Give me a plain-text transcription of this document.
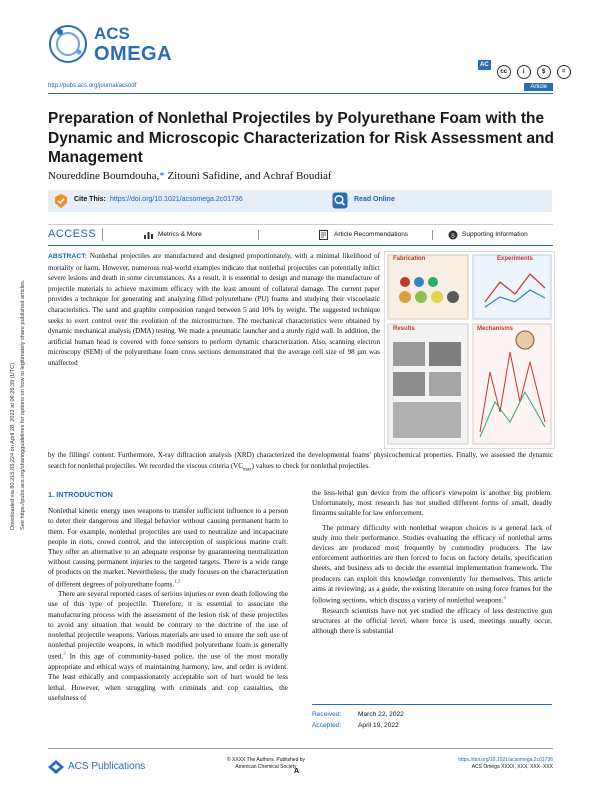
ACS
OMEGA	AC cc	i	$	=
http://pubs.acs.org/journal/acsodf	Article
Preparation of Nonlethal Projectiles by Polyurethane Foam with the Dynamic and Microscopic Characterization for Risk Assessment and Management
Noureddine Boumdouha,* Zitouni Safidine, and Achraf Boudiaf
Cite This: https://doi.org/10.1021/acsomega.2c01736	Read Online
ACCESS	Metrics & More	Article Recommendations	s Supporting Information
ABSTRACT: Nonlethal projectiles are manufactured and designed proportionately, with a minimal likelihood of mortality or harm. However, numerous real-world examples indicate that nonlethal projectiles can potentially inflict severe lesions and death in some circumstances. As a result, it is essential to design and manage the manufacture of projectile materials to achieve maximum efficacy with the least amount of collateral damage. The current paper provides a technique for generating and analyzing filled polyurethane (PU) foams and studying their viscoelastic characteristics. The sand and graphite composition ranged between 5 and 10% by weight. The suggested technique seeks to exert control over the evolution of the microstructure. The mechanical characteristics were obtained by dynamic mechanical analysis (DMA) testing. We made a pneumatic launcher and a sturdy rigid wall. In addition, the artificial human head is covered with force sensors to perform dynamic characterization. Also, scanning electron microscopy (SEM) of the polyurethane foam cross sections demonstrated that the average cell size of 98 μm was unaffected
by the fillings' content. Furthermore, X-ray diffraction analysis (XRD) characterized the developmental foams' physicochemical properties. Finally, we assessed the dynamic search for nonlethal projectiles. We recorded the viscous criteria $(VC_{max})$ values to check for nonlethal projectiles.
Fabrication	Experiments
Results	Mechanisms
Downloaded via 80.215.83.224 on April 28, 2022 at 06:26:39 (UTC). See https://pubs.acs.org/sharingguidelines for options on how to legitimately share published articles.	1. INTRODUCTION

Nonlethal kinetic energy uses weapons to transfer sufficient influence to a person to deter their dangerous and illegal behavior without causing permanent harm to them. For example, nonlethal projectiles are used to neutralize and incapacitate people in riots, crowd control, and the interception of suspicious marine craft. They offer an alternative to an adequate response by guaranteeing neutralization without causing permanent injuries to the targeted targets. There is a wide range of products on the market. Nevertheless, the study focuses on the characterization of different degrees of polyurethane foams.$^{1,2}$

There are several reported cases of serious injuries or even death following the use of this type of projectile. Therefore, it is essential to associate the manufacturing process with the assessment of the lesion risk of these projectiles to avoid any situation that would be contrary to the doctrine of the use of nonlethal projectile weapons. Various materials are used to ensure the soft use of nonlethal projectile weapons, in which modified polyurethane foam is generally used.$^3$ In this age of community-based police, the use of the most morally appropriate and ethical ways of maintaining harmony, law, and order is evident. The least ethically and compassionately acceptable sort of hurt would be less lethal. However, when struggling with criminals and cop casualties, the usefulness of

the less-lethal gun device from the officer's viewpoint is another big problem. Unfortunately, most research has not studied different forms of small, deadly firearms suitable for law enforcement.

The primary difficulty with nonlethal weapon choices is a general lack of study into their performance. Studies evaluating the efficacy of nonlethal arms devices are produced most frequently by commodity producers. The law enforcement authorities are then forced to focus on factory details, specification sheets, and business ads to decide the essential implementation framework. The producers can exploit this knowledge conveniently for themselves. This article aims at reviewing, as a guide, the existing literature on using force frames for the following sections, which discuss a variety of nonlethal weapons.$^4$

Research scientists have not yet studied the efficacy of less destructive gun structures at the official level, where force is used, meetings usually occur, although there is substantial

Received:	March 22, 2022
Accepted:	April 19, 2022
ACS Publications
© XXXX The Authors. Published by
American Chemical Society
A
https://doi.org/10.1021/acsomega.2c01736
ACS Omega XXXX, XXX, XXX−XXX
